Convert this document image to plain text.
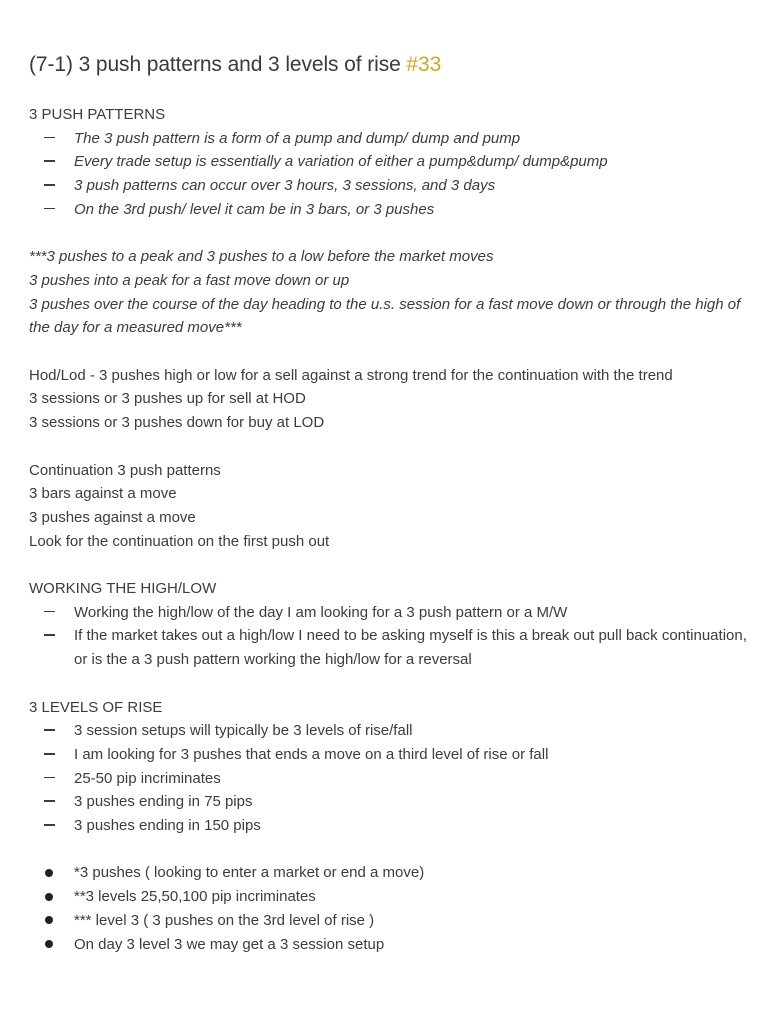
(7-1) 3 push patterns and 3 levels of rise #33
3 PUSH PATTERNS
The 3 push pattern is a form of a pump and dump/ dump and pump
Every trade setup is essentially a variation of either a pump&dump/ dump&pump
3 push patterns can occur over 3 hours, 3 sessions, and 3 days
On the 3rd push/ level it cam be in 3 bars, or 3 pushes
***3 pushes to a peak and 3 pushes to a low before the market moves
3 pushes into a peak for a fast move down or up
3 pushes over the course of the day heading to the u.s. session for a fast move down or through the high of the day for a measured move***
Hod/Lod - 3 pushes high or low for a sell against a strong trend for the continuation with the trend
3 sessions or 3 pushes up for sell at HOD
3 sessions or 3 pushes down for buy at LOD
Continuation 3 push patterns
3 bars against a move
3 pushes against a move
Look for the continuation on the first push out
WORKING THE HIGH/LOW
Working the high/low of the day I am looking for a 3 push pattern or a M/W
If the market takes out a high/low I need to be asking myself is this a break out pull back continuation, or is the a 3 push pattern working the high/low for a reversal
3 LEVELS OF RISE
3 session setups will typically be 3 levels of rise/fall
I am looking for 3 pushes that ends a move on a third level of rise or fall
25-50 pip incriminates
3 pushes ending in 75 pips
3 pushes ending in 150 pips
*3 pushes ( looking to enter a market or end a move)
**3 levels 25,50,100 pip incriminates
*** level 3 ( 3 pushes on the 3rd level of rise )
On day 3 level 3 we may get a 3 session setup
